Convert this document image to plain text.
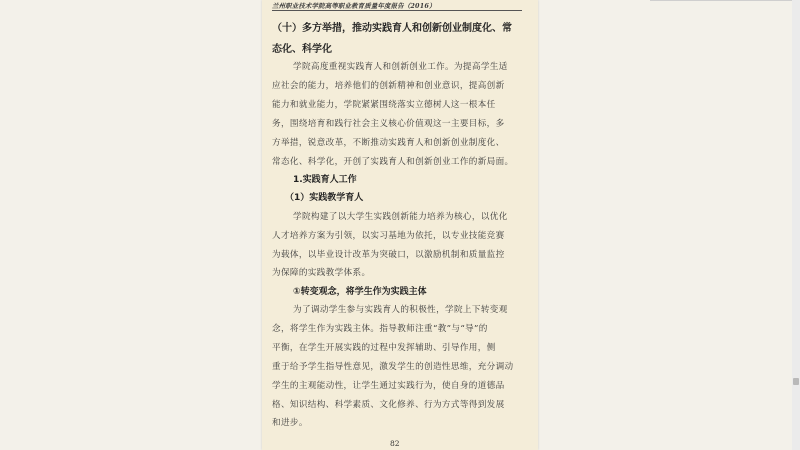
兰州职业技术学院高等职业教育质量年度报告（2016）
（十）多方举措，推动实践育人和创新创业制度化、常
态化、科学化
学院高度重视实践育人和创新创业工作。为提高学生适
应社会的能力，培养他们的创新精神和创业意识，提高创新
能力和就业能力，学院紧紧围绕落实立德树人这一根本任
务，围绕培育和践行社会主义核心价值观这一主要目标，多
方举措，锐意改革，不断推动实践育人和创新创业制度化、
常态化、科学化，开创了实践育人和创新创业工作的新局面。
1.实践育人工作
（1）实践教学育人
学院构建了以大学生实践创新能力培养为核心，以优化
人才培养方案为引领，以实习基地为依托，以专业技能竞赛
为载体，以毕业设计改革为突破口，以激励机制和质量监控
为保障的实践教学体系。
①转变观念，将学生作为实践主体
为了调动学生参与实践育人的积极性，学院上下转变观
念，将学生作为实践主体。指导教师注重“教”与“导”的
平衡，在学生开展实践的过程中发挥辅助、引导作用，侧
重于给予学生指导性意见，激发学生的创造性思维，充分调动
学生的主观能动性，让学生通过实践行为，使自身的道德品
格、知识结构、科学素质、文化修养、行为方式等得到发展
和进步。
82
